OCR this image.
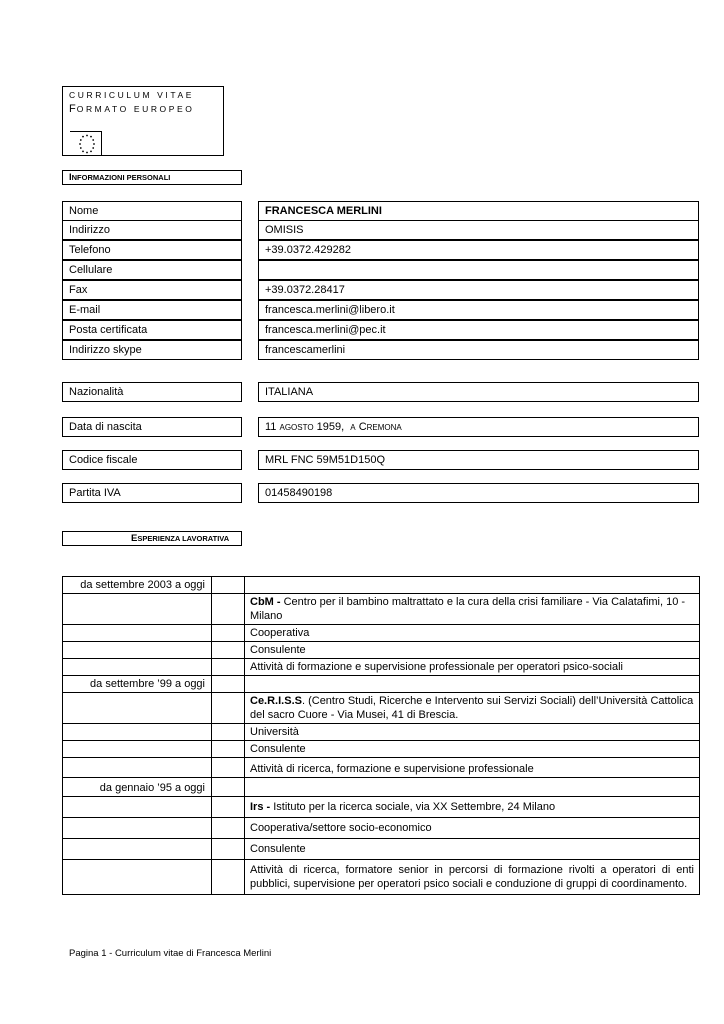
CURRICULUM VITAE
FORMATO EUROPEO
INFORMAZIONI PERSONALI
Nome	FRANCESCA MERLINI
Indirizzo	OMISIS
Telefono	+39.0372.429282
Cellulare
Fax	+39.0372.28417
E-mail	francesca.merlini@libero.it
Posta certificata	francesca.merlini@pec.it
Indirizzo skype	francescamerlini
Nazionalità	ITALIANA
Data di nascita	11 AGOSTO 1959, A CREMONA
Codice fiscale	MRL FNC 59M51D150Q
Partita IVA	01458490198
ESPERIENZA LAVORATIVA
da settembre 2003 a oggi		
		CbM - Centro per il bambino maltrattato e la cura della crisi familiare - Via Calatafimi, 10 - Milano
		Cooperativa
		Consulente
		Attività di formazione e supervisione professionale per operatori psico-sociali
da settembre ’99 a oggi		
		Ce.R.I.S.S. (Centro Studi, Ricerche e Intervento sui Servizi Sociali) dell’Università Cattolica del sacro Cuore - Via Musei, 41 di Brescia.
		Università
		Consulente
		Attività di ricerca, formazione e supervisione professionale
da gennaio ’95 a oggi		
		Irs - Istituto per la ricerca sociale, via XX Settembre, 24 Milano
		Cooperativa/settore socio-economico
		Consulente
		Attività di ricerca, formatore senior in percorsi di formazione rivolti a operatori di enti pubblici, supervisione per operatori psico sociali e conduzione di gruppi di coordinamento.
Pagina 1 - Curriculum vitae di Francesca Merlini
